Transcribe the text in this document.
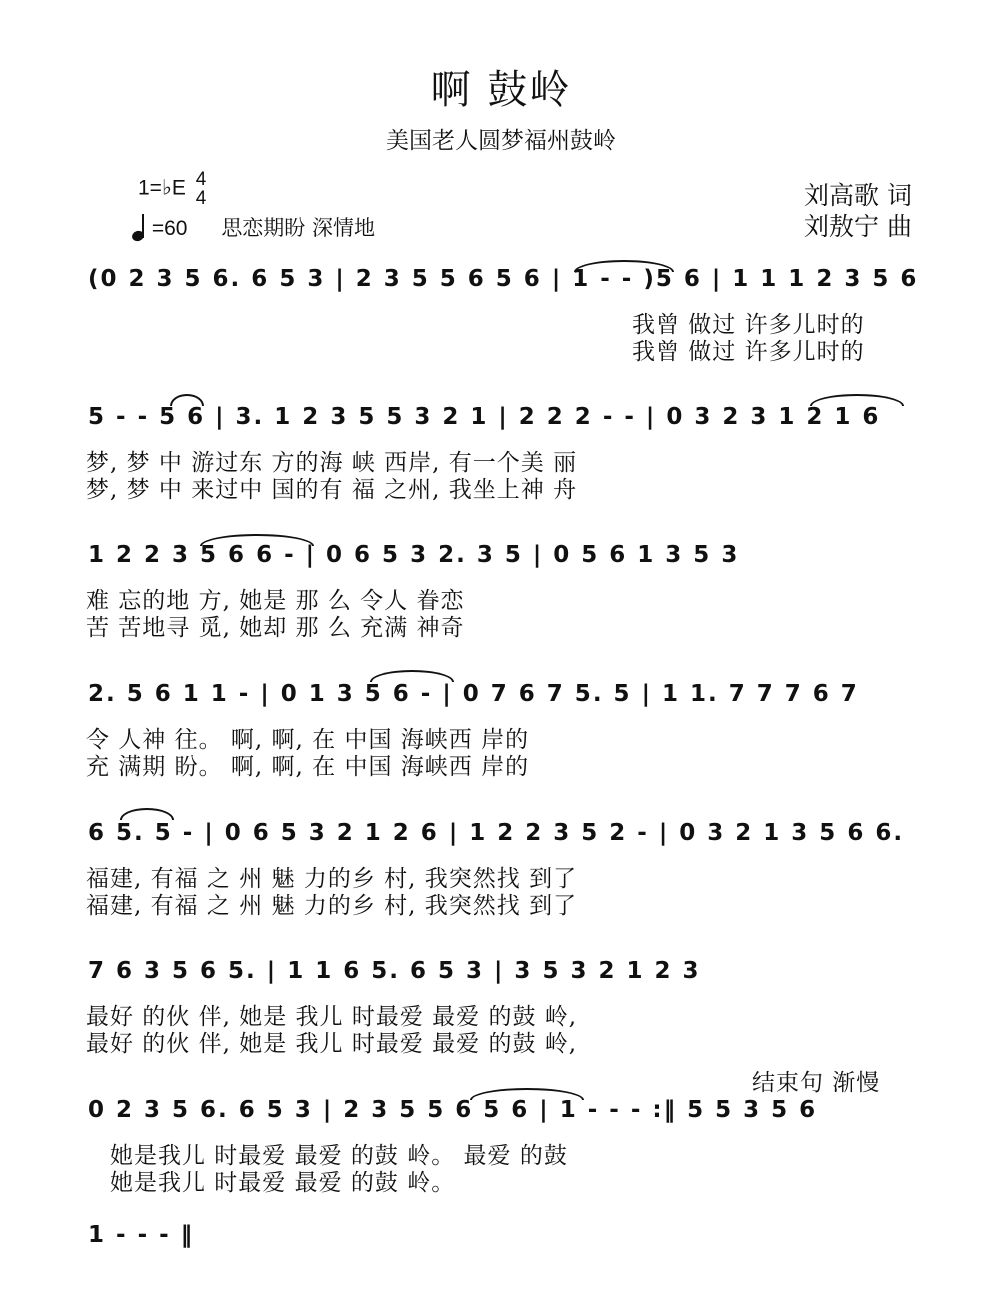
啊 鼓岭
美国老人圆梦福州鼓岭
1=♭E 4
4
=60 思恋期盼 深情地
刘高歌 词
刘敖宁 曲
(0 2 3 5 6. 6 5 3 | 2 3 5 5 6 5 6 | 1 - - )5 6 | 1 1 1 2 3 5 6
我曾 做过 许多儿时的
我曾 做过 许多儿时的
5 - - 5 6 | 3. 1 2 3 5 5 3 2 1 | 2 2 2 - - | 0 3 2 3 1 2 1 6
梦, 梦 中 游过东 方的海 峡 西岸, 有一个美 丽
梦, 梦 中 来过中 国的有 福 之州, 我坐上神 舟
1 2 2 3 5 6 6 - | 0 6 5 3 2. 3 5 | 0 5 6 1 3 5 3
难 忘的地 方, 她是 那 么 令人 眷恋
苦 苦地寻 觅, 她却 那 么 充满 神奇
2. 5 6 1 1 - | 0 1 3 5 6 - | 0 7 6 7 5. 5 | 1 1. 7 7 7 6 7
令 人神 往。 啊, 啊, 在 中国 海峡西 岸的
充 满期 盼。 啊, 啊, 在 中国 海峡西 岸的
6 5. 5 - | 0 6 5 3 2 1 2 6 | 1 2 2 3 5 2 - | 0 3 2 1 3 5 6 6.
福建, 有福 之 州 魅 力的乡 村, 我突然找 到了
福建, 有福 之 州 魅 力的乡 村, 我突然找 到了
7 6 3 5 6 5. | 1 1 6 5. 6 5 3 | 3 5 3 2 1 2 3
最好 的伙 伴, 她是 我儿 时最爱 最爱 的鼓 岭,
最好 的伙 伴, 她是 我儿 时最爱 最爱 的鼓 岭,
结束句 渐慢
0 2 3 5 6. 6 5 3 | 2 3 5 5 6 5 6 | 1 - - - :‖ 5 5 3 5 6
她是我儿 时最爱 最爱 的鼓 岭。 最爱 的鼓
她是我儿 时最爱 最爱 的鼓 岭。
1 - - - ‖
